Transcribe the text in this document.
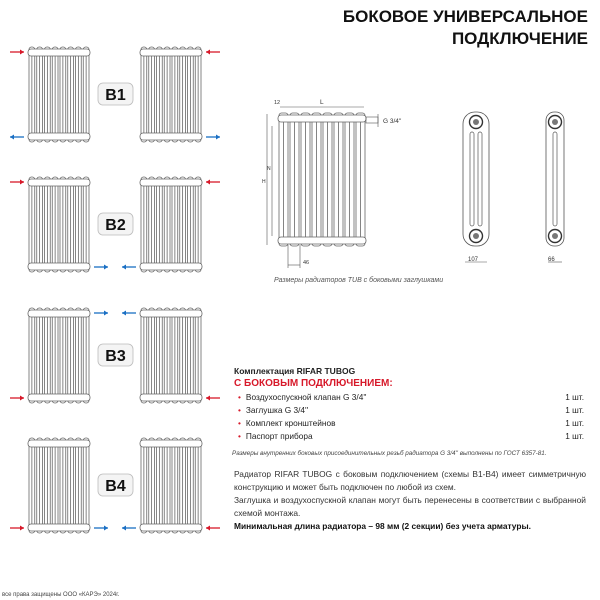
БОКОВОЕ УНИВЕРСАЛЬНОЕ
ПОДКЛЮЧЕНИЕ
B1
B2
B3
B4
G 3/4''
L
12
H
N
46	107	66
Размеры радиаторов TUB с боковыми заглушками
Комплектация RIFAR TUBOG
С БОКОВЫМ ПОДКЛЮЧЕНИЕМ:
• Воздухоспускной клапан G 3/4''	1 шт.
• Заглушка G 3/4''	1 шт.
• Комплект кронштейнов	1 шт.
• Паспорт прибора	1 шт.
Размеры внутренних боковых присоединительных резьб радиатора G 3/4'' выполнены по ГОСТ 6357-81.
Радиатор RIFAR TUBOG с боковым подключением (схемы B1-B4) имеет симметричную конструкцию и может быть подключен по любой из схем.
Заглушка и воздухоспускной клапан могут быть перенесены в соответствии с выбранной схемой монтажа.
Минимальная длина радиатора – 98 мм (2 секции) без учета арматуры.
все права защищены ООО «КАРЭ» 2024г.
